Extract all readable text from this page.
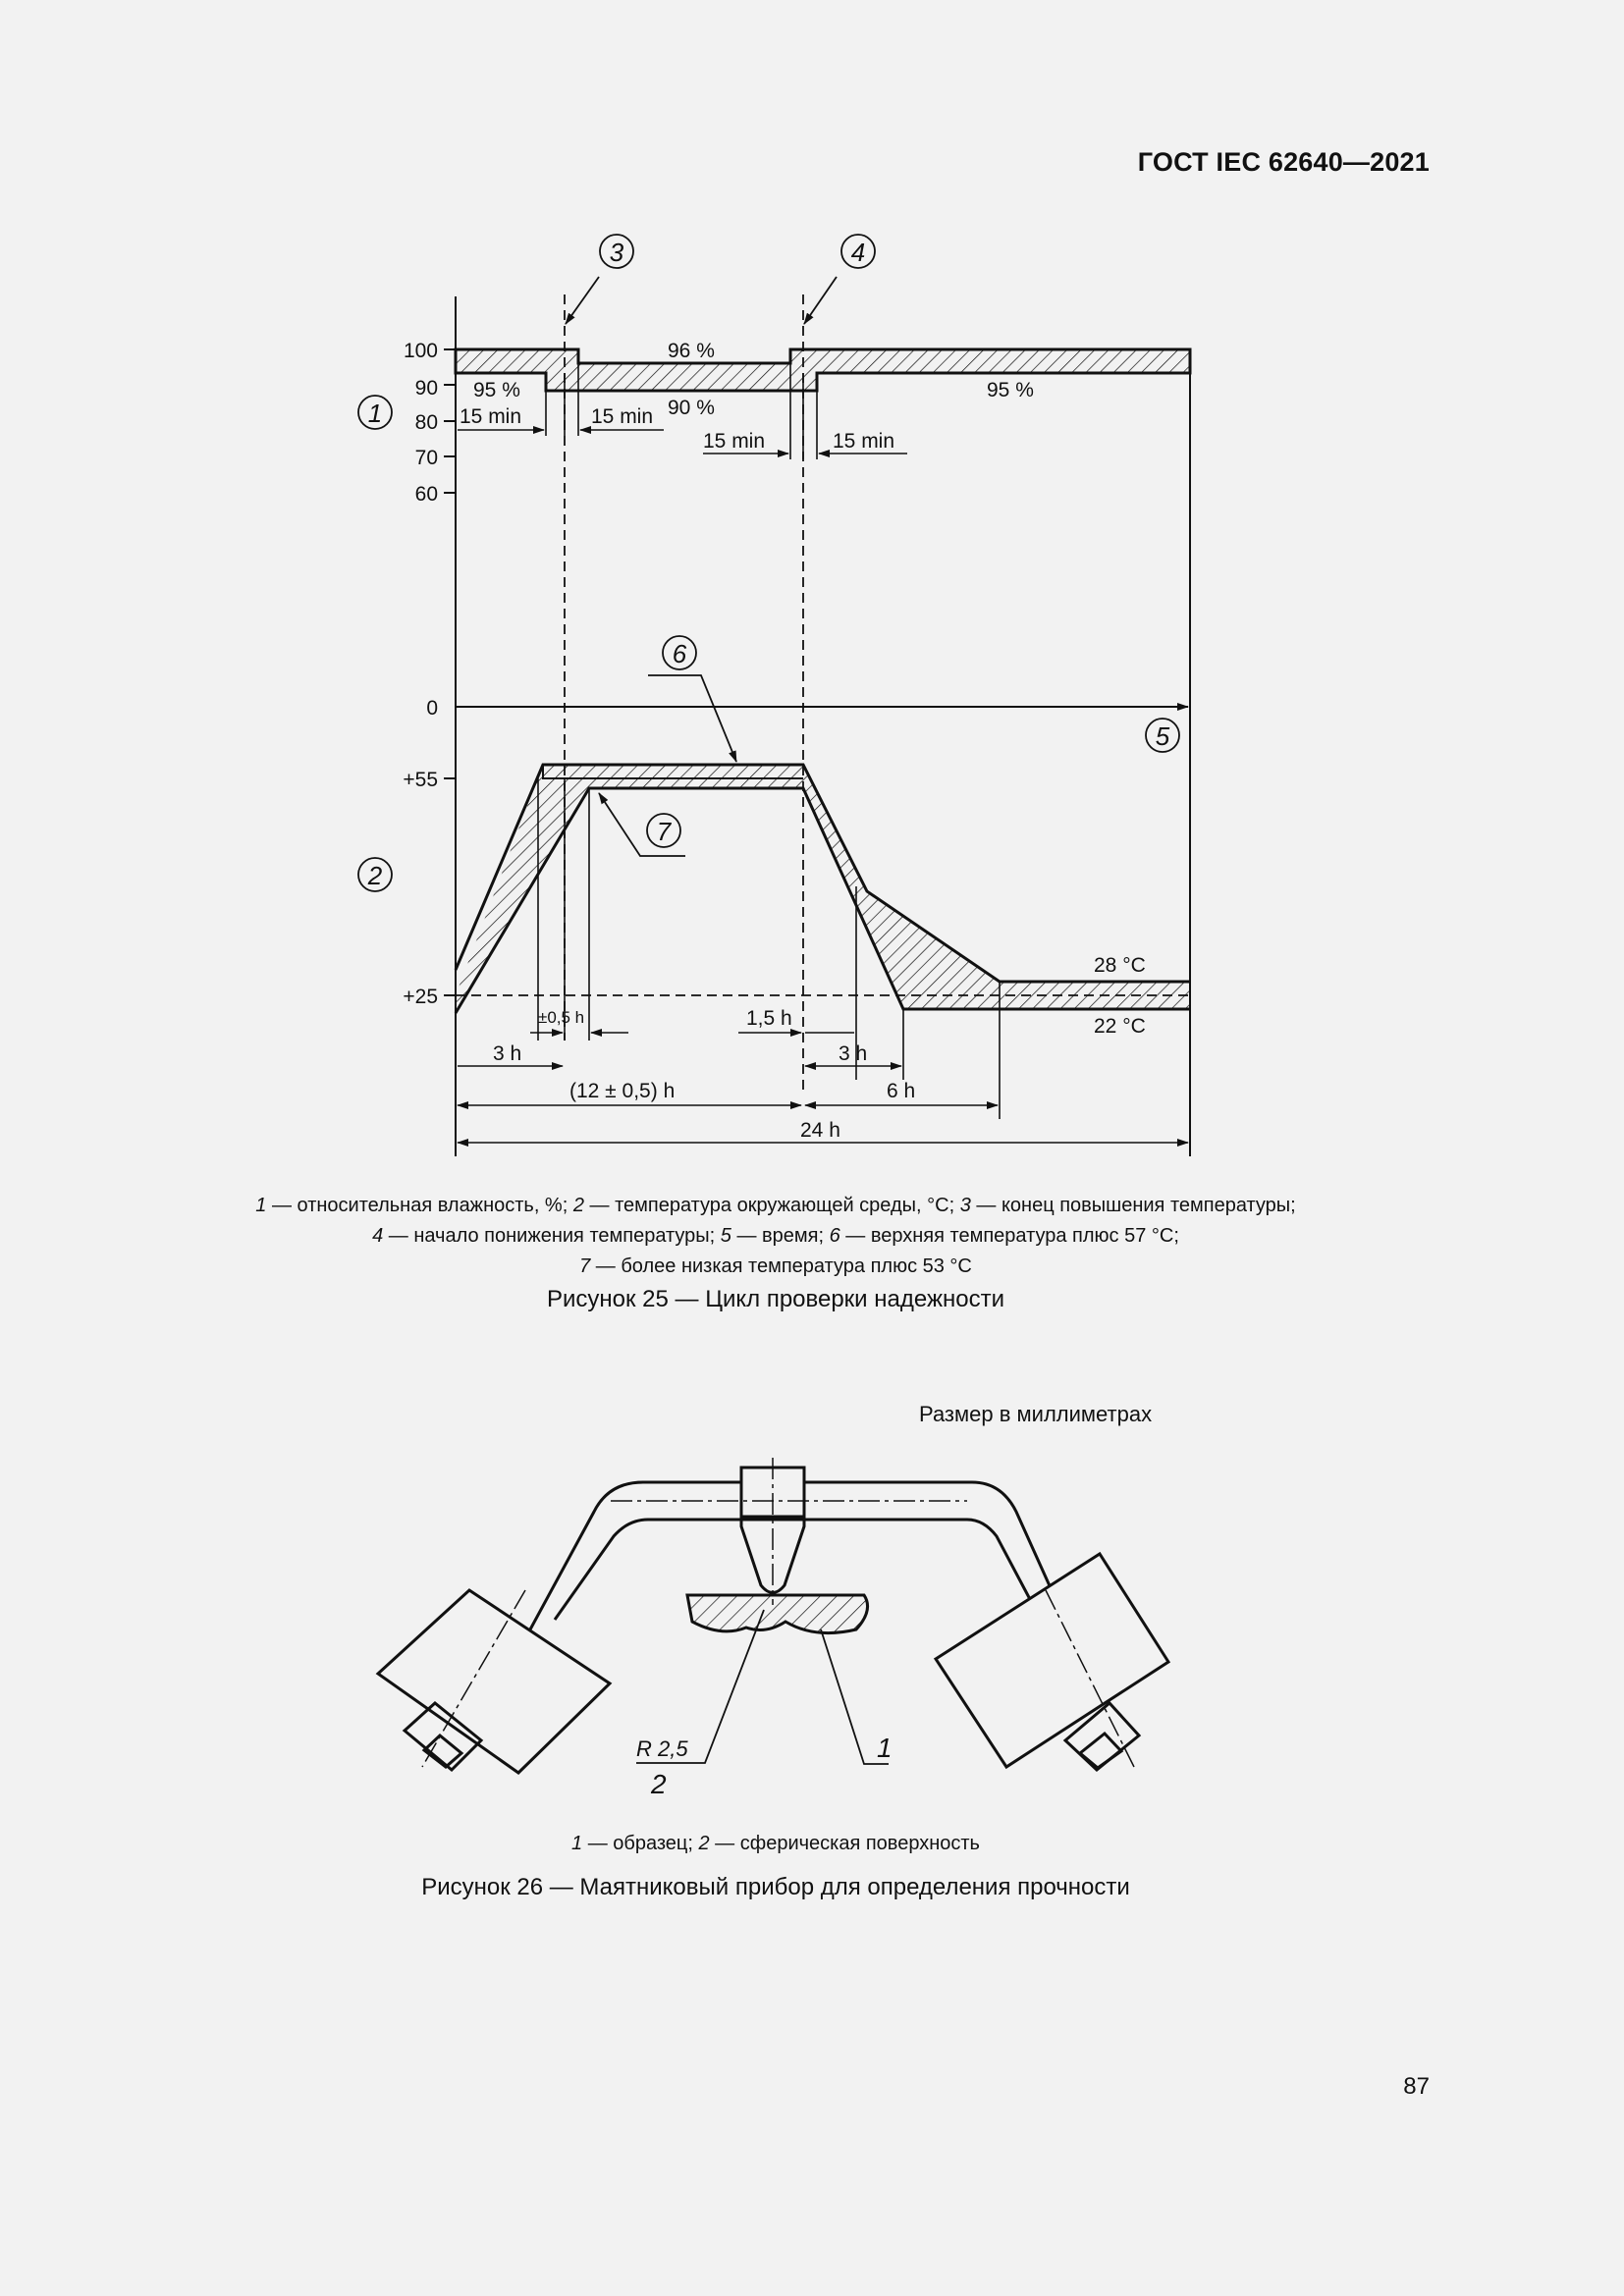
ГОСТ IEC 62640—2021
100
90
80
70
60
0
+55
+25
95 %
96 %
90 %
95 %
15 min	15 min
15 min	15 min
28 °C
22 °C
±0,5 h	1,5 h
3 h	3 h
(12 ± 0,5) h	6 h
24 h
1
2
3	4
5
6
7
1 — относительная влажность, %; 2 — температура окружающей среды, °C; 3 — конец повышения температуры;
4 — начало понижения температуры; 5 — время; 6 — верхняя температура плюс 57 °C;
7 — более низкая температура плюс 53 °C
Рисунок 25 — Цикл проверки надежности
Размер в миллиметрах
R 2,5	1
2
1 — образец; 2 — сферическая поверхность
Рисунок 26 — Маятниковый прибор для определения прочности
87
